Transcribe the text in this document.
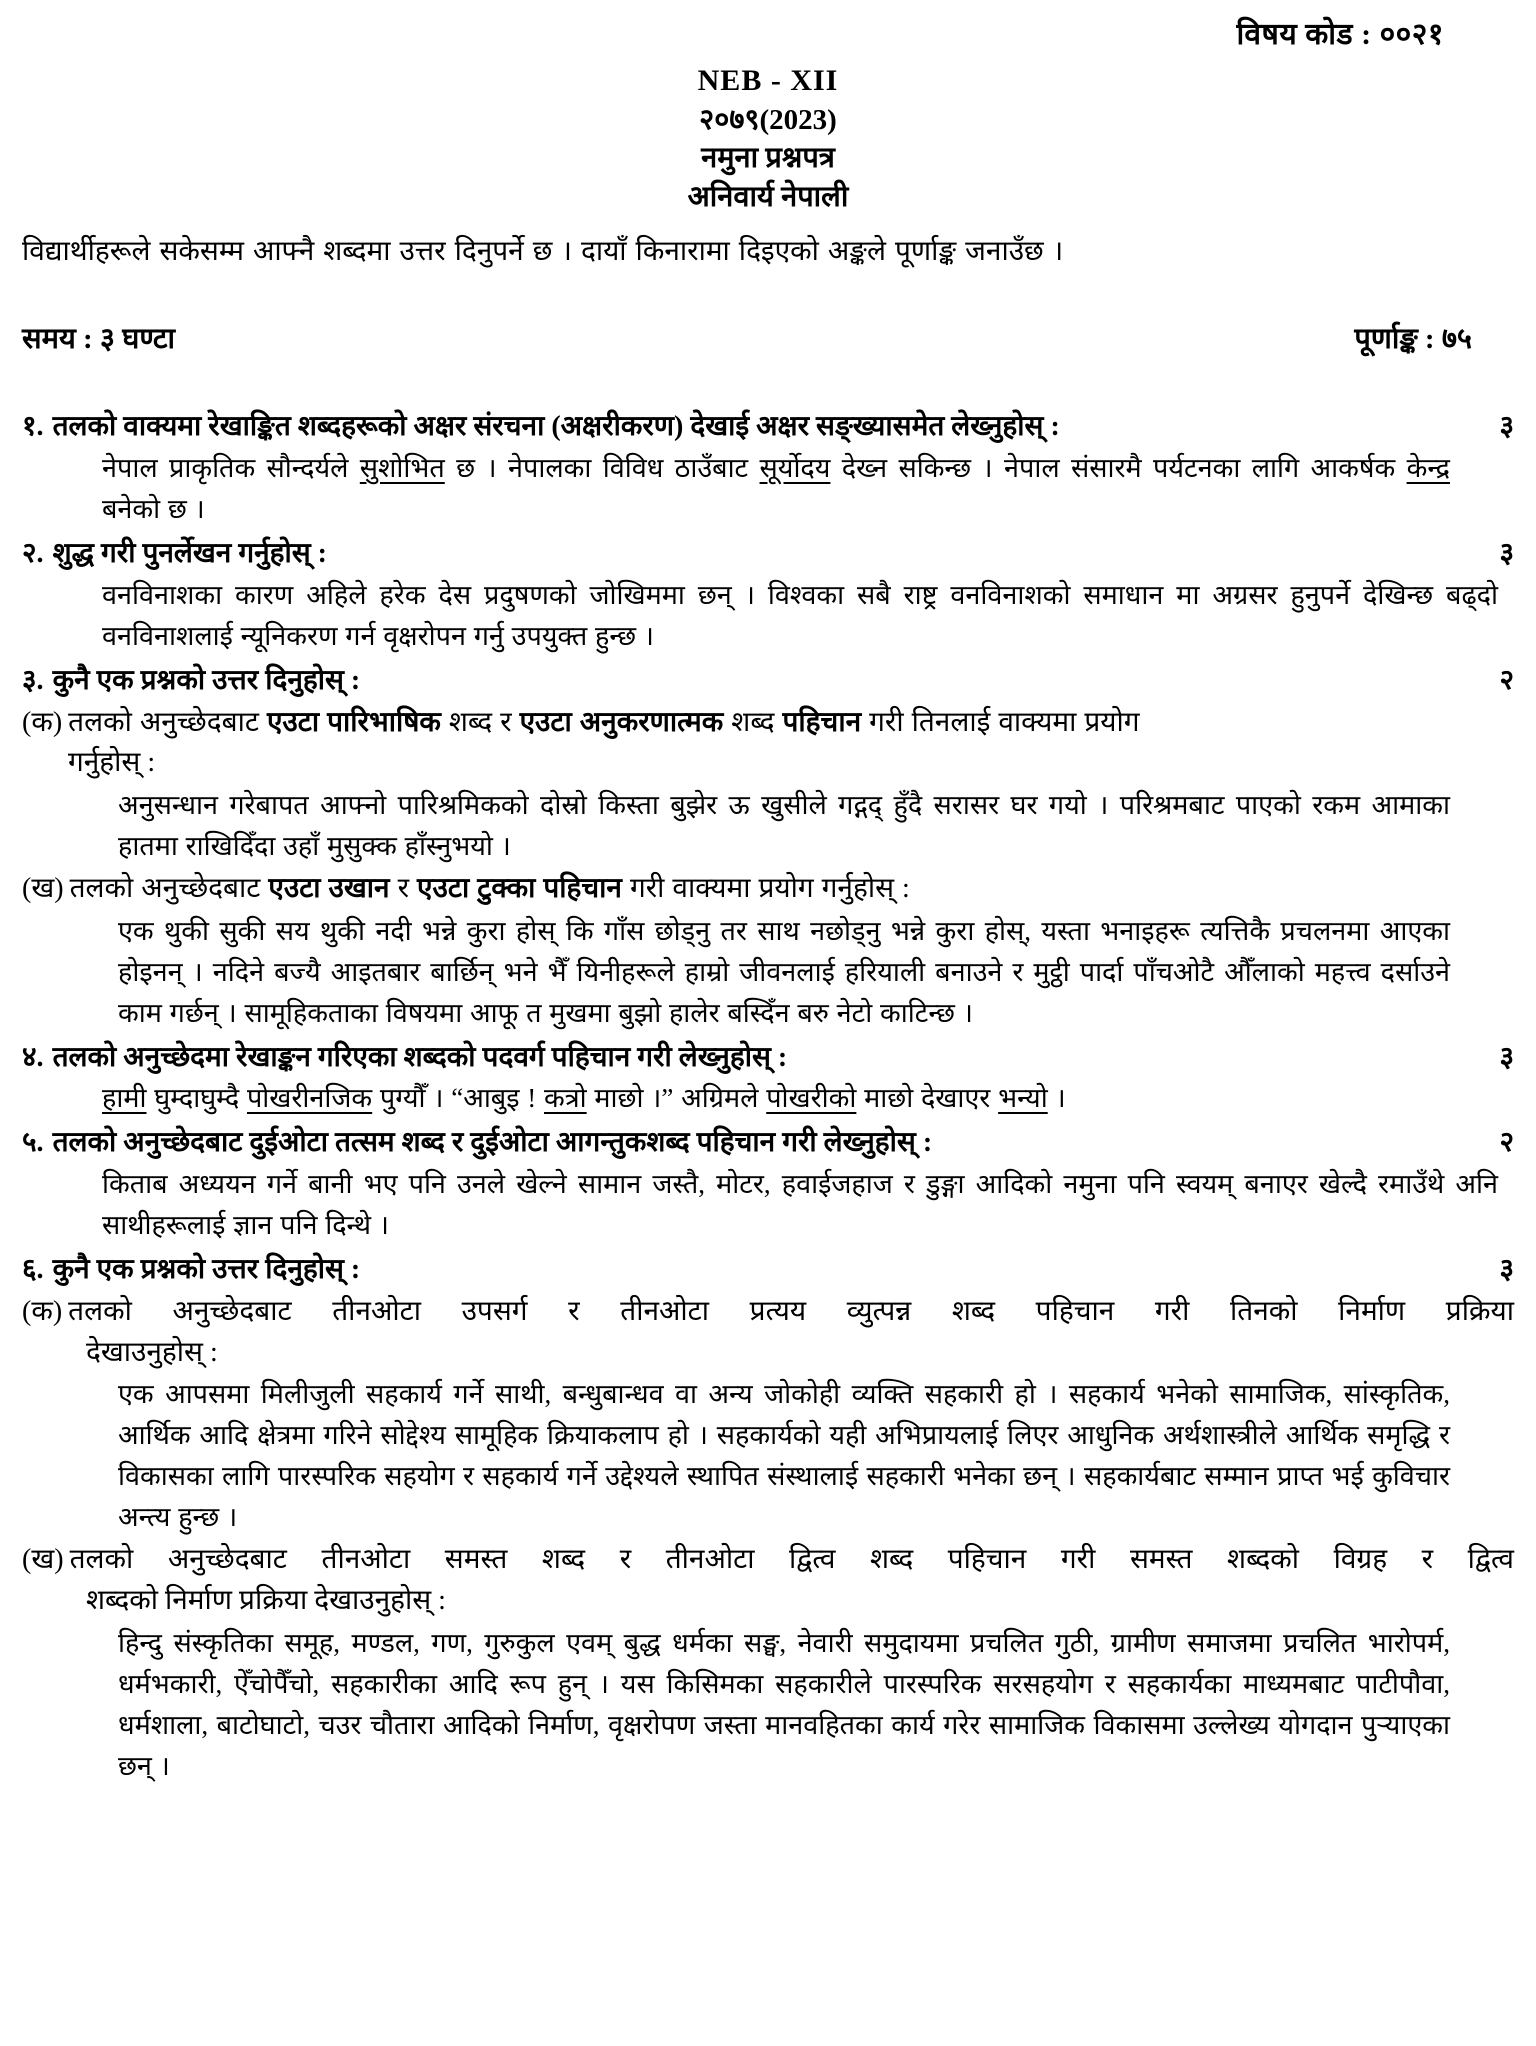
विषय कोड : ००२१
NEB - XII
२०७९(2023)
नमुना प्रश्नपत्र
अनिवार्य नेपाली
विद्यार्थीहरूले सकेसम्म आफ्नै शब्दमा उत्तर दिनुपर्ने छ । दायाँ किनारामा दिइएको अङ्कले पूर्णाङ्क जनाउँछ ।
समय : ३ घण्टा	पूर्णाङ्क : ७५
१. तलको वाक्यमा रेखाङ्कित शब्दहरूको अक्षर संरचना (अक्षरीकरण) देखाई अक्षर सङ्ख्यासमेत लेख्नुहोस् :	३
नेपाल प्राकृतिक सौन्दर्यले सुशोभित छ । नेपालका विविध ठाउँबाट सूर्योदय देख्न सकिन्छ । नेपाल संसारमै पर्यटनका लागि आकर्षक केन्द्र बनेको छ ।
२. शुद्ध गरी पुनर्लेखन गर्नुहोस् :	३
वनविनाशका कारण अहिले हरेक देस प्रदुषणको जोखिममा छन् । विश्वका सबै राष्ट्र वनविनाशको समाधान मा अग्रसर हुनुपर्ने देखिन्छ बढ्दो वनविनाशलाई न्यूनिकरण गर्न वृक्षरोपन गर्नु उपयुक्त हुन्छ ।
३. कुनै एक प्रश्नको उत्तर दिनुहोस् :	२
(क) तलको अनुच्छेदबाट एउटा पारिभाषिक शब्द र एउटा अनुकरणात्मक शब्द पहिचान गरी तिनलाई वाक्यमा प्रयोग
गर्नुहोस् :
अनुसन्धान गरेबापत आफ्नो पारिश्रमिकको दोस्रो किस्ता बुझेर ऊ खुसीले गद्गद् हुँदै सरासर घर गयो । परिश्रमबाट पाएको रकम आमाका हातमा राखिदिँदा उहाँ मुसुक्क हाँस्नुभयो ।
(ख) तलको अनुच्छेदबाट एउटा उखान र एउटा टुक्का पहिचान गरी वाक्यमा प्रयोग गर्नुहोस् :
एक थुकी सुकी सय थुकी नदी भन्ने कुरा होस् कि गाँस छोड्नु तर साथ नछोड्नु भन्ने कुरा होस्, यस्ता भनाइहरू त्यत्तिकै प्रचलनमा आएका होइनन् । नदिने बज्यै आइतबार बार्छिन् भने भैँ यिनीहरूले हाम्रो जीवनलाई हरियाली बनाउने र मुट्ठी पार्दा पाँचओटै औँलाको महत्त्व दर्साउने काम गर्छन् । सामूहिकताका विषयमा आफू त मुखमा बुझो हालेर बस्दिँन बरु नेटो काटिन्छ ।
४. तलको अनुच्छेदमा रेखाङ्कन गरिएका शब्दको पदवर्ग पहिचान गरी लेख्नुहोस् :	३
हामी घुम्दाघुम्दै पोखरीनजिक पुग्यौँ । “आबुइ ! कत्रो माछो ।” अग्रिमले पोखरीको माछो देखाएर भन्यो ।
५. तलको अनुच्छेदबाट दुईओटा तत्सम शब्द र दुईओटा आगन्तुकशब्द पहिचान गरी लेख्नुहोस् :	२
किताब अध्ययन गर्ने बानी भए पनि उनले खेल्ने सामान जस्तै, मोटर, हवाईजहाज र डुङ्गा आदिको नमुना पनि स्वयम् बनाएर खेल्दै रमाउँथे अनि साथीहरूलाई ज्ञान पनि दिन्थे ।
६. कुनै एक प्रश्नको उत्तर दिनुहोस् :	३
(क) तलको अनुच्छेदबाट तीनओटा उपसर्ग र तीनओटा प्रत्यय व्युत्पन्न शब्द पहिचान गरी तिनको निर्माण प्रक्रिया
देखाउनुहोस् :
एक आपसमा मिलीजुली सहकार्य गर्ने साथी, बन्धुबान्धव वा अन्य जोकोही व्यक्ति सहकारी हो । सहकार्य भनेको सामाजिक, सांस्कृतिक, आर्थिक आदि क्षेत्रमा गरिने सोद्देश्य सामूहिक क्रियाकलाप हो । सहकार्यको यही अभिप्रायलाई लिएर आधुनिक अर्थशास्त्रीले आर्थिक समृद्धि र विकासका लागि पारस्परिक सहयोग र सहकार्य गर्ने उद्देश्यले स्थापित संस्थालाई सहकारी भनेका छन् । सहकार्यबाट सम्मान प्राप्त भई कुविचार अन्त्य हुन्छ ।
(ख) तलको अनुच्छेदबाट तीनओटा समस्त शब्द र तीनओटा द्वित्व शब्द पहिचान गरी समस्त शब्दको विग्रह र द्वित्व
शब्दको निर्माण प्रक्रिया देखाउनुहोस् :
हिन्दु संस्कृतिका समूह, मण्डल, गण, गुरुकुल एवम् बुद्ध धर्मका सङ्घ, नेवारी समुदायमा प्रचलित गुठी, ग्रामीण समाजमा प्रचलित भारोपर्म, धर्मभकारी, ऐँचोपैँचो, सहकारीका आदि रूप हुन् । यस किसिमका सहकारीले पारस्परिक सरसहयोग र सहकार्यका माध्यमबाट पाटीपौवा, धर्मशाला, बाटोघाटो, चउर चौतारा आदिको निर्माण, वृक्षरोपण जस्ता मानवहितका कार्य गरेर सामाजिक विकासमा उल्लेख्य योगदान पुर्‍याएका छन् ।
